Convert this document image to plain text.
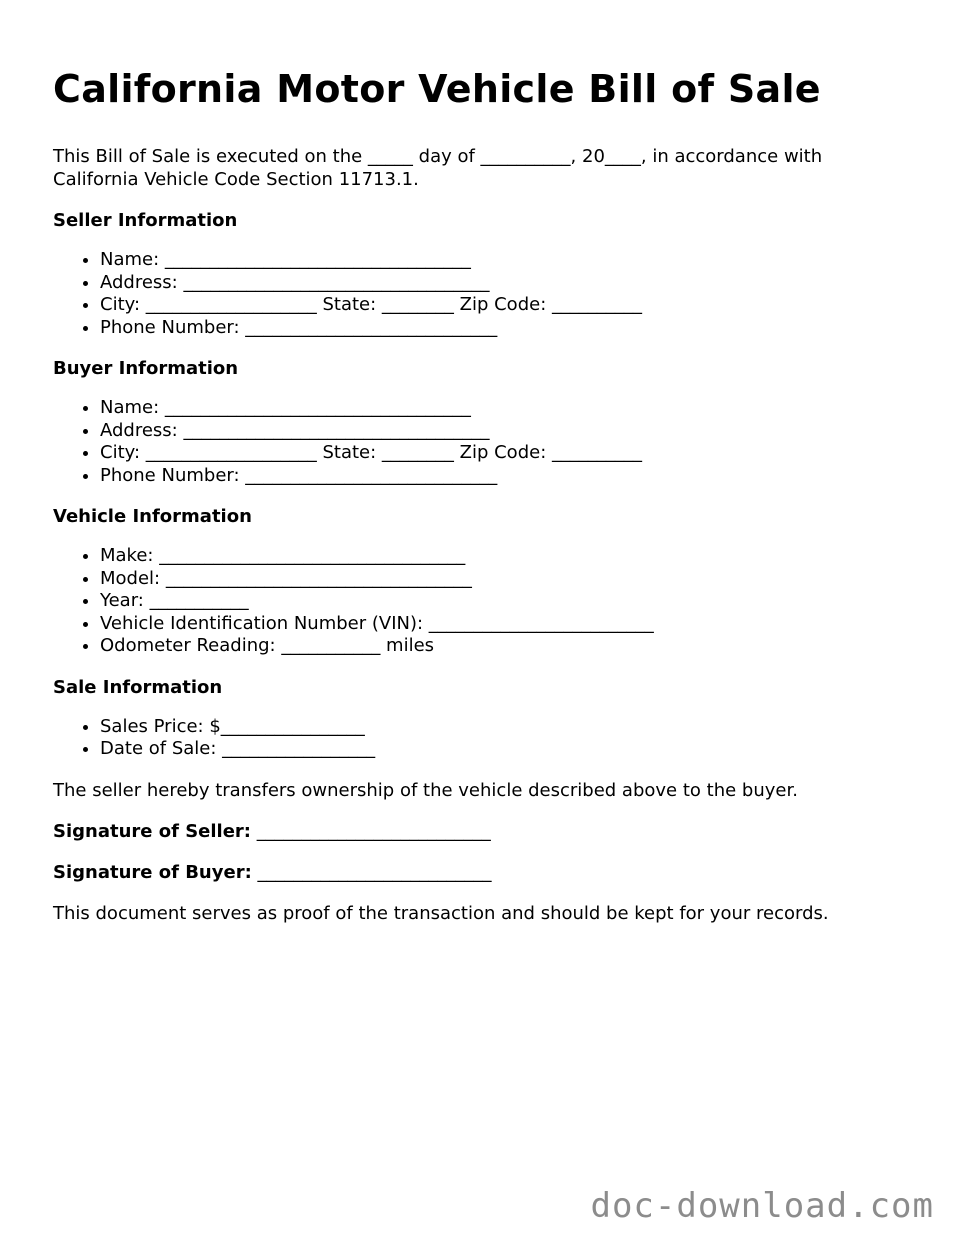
California Motor Vehicle Bill of Sale

This Bill of Sale is executed on the _____ day of __________, 20____, in accordance with California Vehicle Code Section 11713.1.

Seller Information
• Name: __________________________________
• Address: __________________________________
• City: ___________________ State: ________ Zip Code: __________
• Phone Number: ____________________________
Buyer Information
• Name: __________________________________
• Address: __________________________________
• City: ___________________ State: ________ Zip Code: __________
• Phone Number: ____________________________
Vehicle Information
• Make: __________________________________
• Model: __________________________________
• Year: ___________
• Vehicle Identification Number (VIN): _________________________
• Odometer Reading: ___________ miles
Sale Information
• Sales Price: $________________
• Date of Sale: _________________

The seller hereby transfers ownership of the vehicle described above to the buyer.

Signature of Seller: __________________________
Signature of Buyer: __________________________

This document serves as proof of the transaction and should be kept for your records.

doc-download.com
